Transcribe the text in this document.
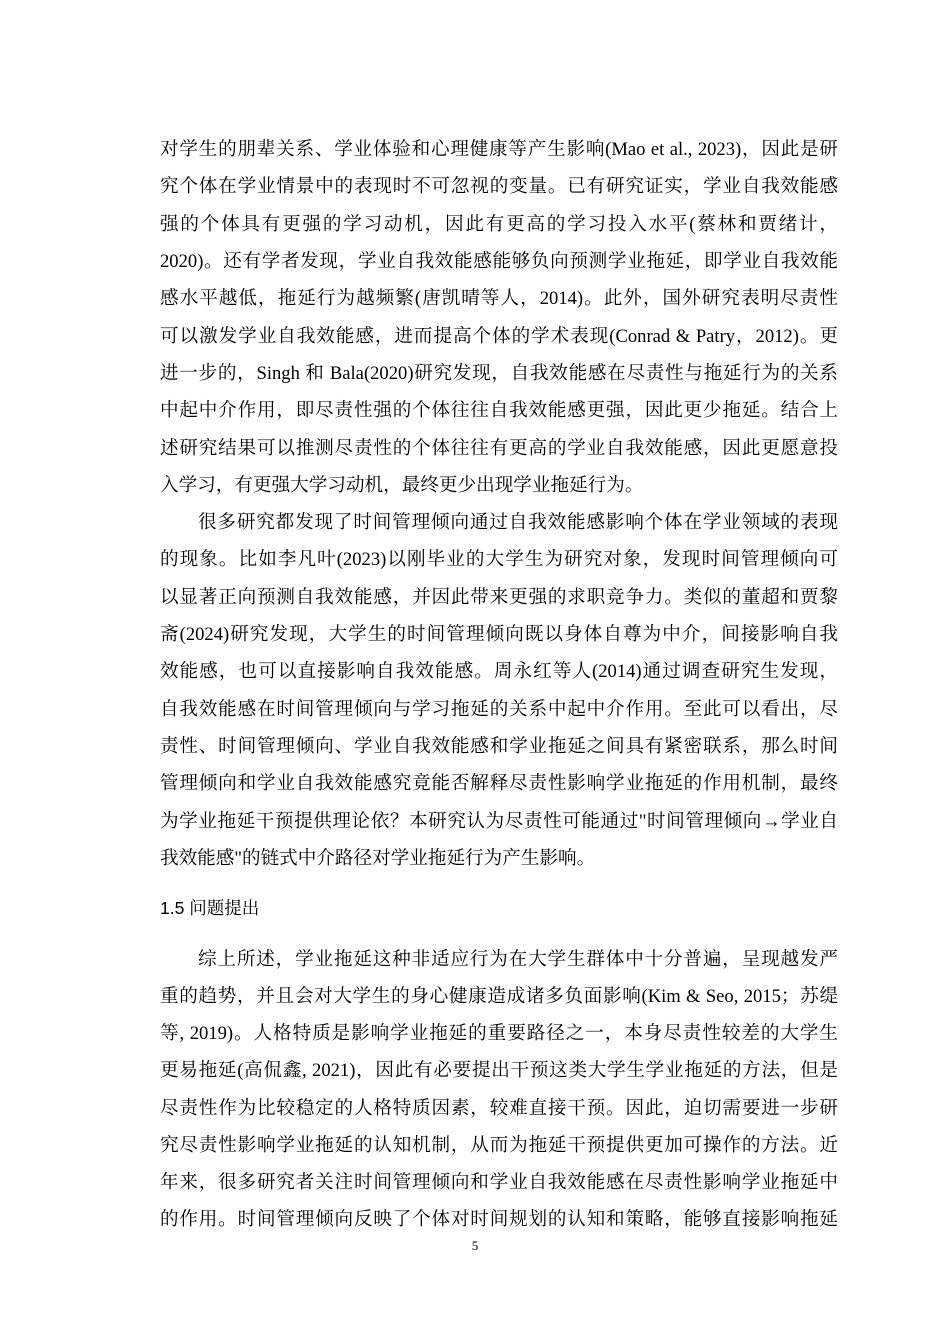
1.5 问题提出
5
对学生的朋辈关系、学业体验和心理健康等产生影响(Mao et al., 2023)，因此是研
究个体在学业情景中的表现时不可忽视的变量。已有研究证实，学业自我效能感
强的个体具有更强的学习动机，因此有更高的学习投入水平(蔡林和贾绪计，
2020)。还有学者发现，学业自我效能感能够负向预测学业拖延，即学业自我效能
感水平越低，拖延行为越频繁(唐凯晴等人，2014)。此外，国外研究表明尽责性
可以激发学业自我效能感，进而提高个体的学术表现(Conrad & Patry，2012)。更
进一步的，Singh 和 Bala(2020)研究发现，自我效能感在尽责性与拖延行为的关系
中起中介作用，即尽责性强的个体往往自我效能感更强，因此更少拖延。结合上
述研究结果可以推测尽责性的个体往往有更高的学业自我效能感，因此更愿意投
入学习，有更强大学习动机，最终更少出现学业拖延行为。
很多研究都发现了时间管理倾向通过自我效能感影响个体在学业领域的表现
的现象。比如李凡叶(2023)以刚毕业的大学生为研究对象，发现时间管理倾向可
以显著正向预测自我效能感，并因此带来更强的求职竞争力。类似的董超和贾黎
斋(2024)研究发现，大学生的时间管理倾向既以身体自尊为中介，间接影响自我
效能感，也可以直接影响自我效能感。周永红等人(2014)通过调查研究生发现，
自我效能感在时间管理倾向与学习拖延的关系中起中介作用。至此可以看出，尽
责性、时间管理倾向、学业自我效能感和学业拖延之间具有紧密联系，那么时间
管理倾向和学业自我效能感究竟能否解释尽责性影响学业拖延的作用机制，最终
为学业拖延干预提供理论依？本研究认为尽责性可能通过"时间管理倾向→学业自
我效能感"的链式中介路径对学业拖延行为产生影响。
综上所述，学业拖延这种非适应行为在大学生群体中十分普遍，呈现越发严
重的趋势，并且会对大学生的身心健康造成诸多负面影响(Kim & Seo, 2015；苏缇
等, 2019)。人格特质是影响学业拖延的重要路径之一，本身尽责性较差的大学生
更易拖延(高侃鑫, 2021)，因此有必要提出干预这类大学生学业拖延的方法，但是
尽责性作为比较稳定的人格特质因素，较难直接干预。因此，迫切需要进一步研
究尽责性影响学业拖延的认知机制，从而为拖延干预提供更加可操作的方法。近
年来，很多研究者关注时间管理倾向和学业自我效能感在尽责性影响学业拖延中
的作用。时间管理倾向反映了个体对时间规划的认知和策略，能够直接影响拖延
